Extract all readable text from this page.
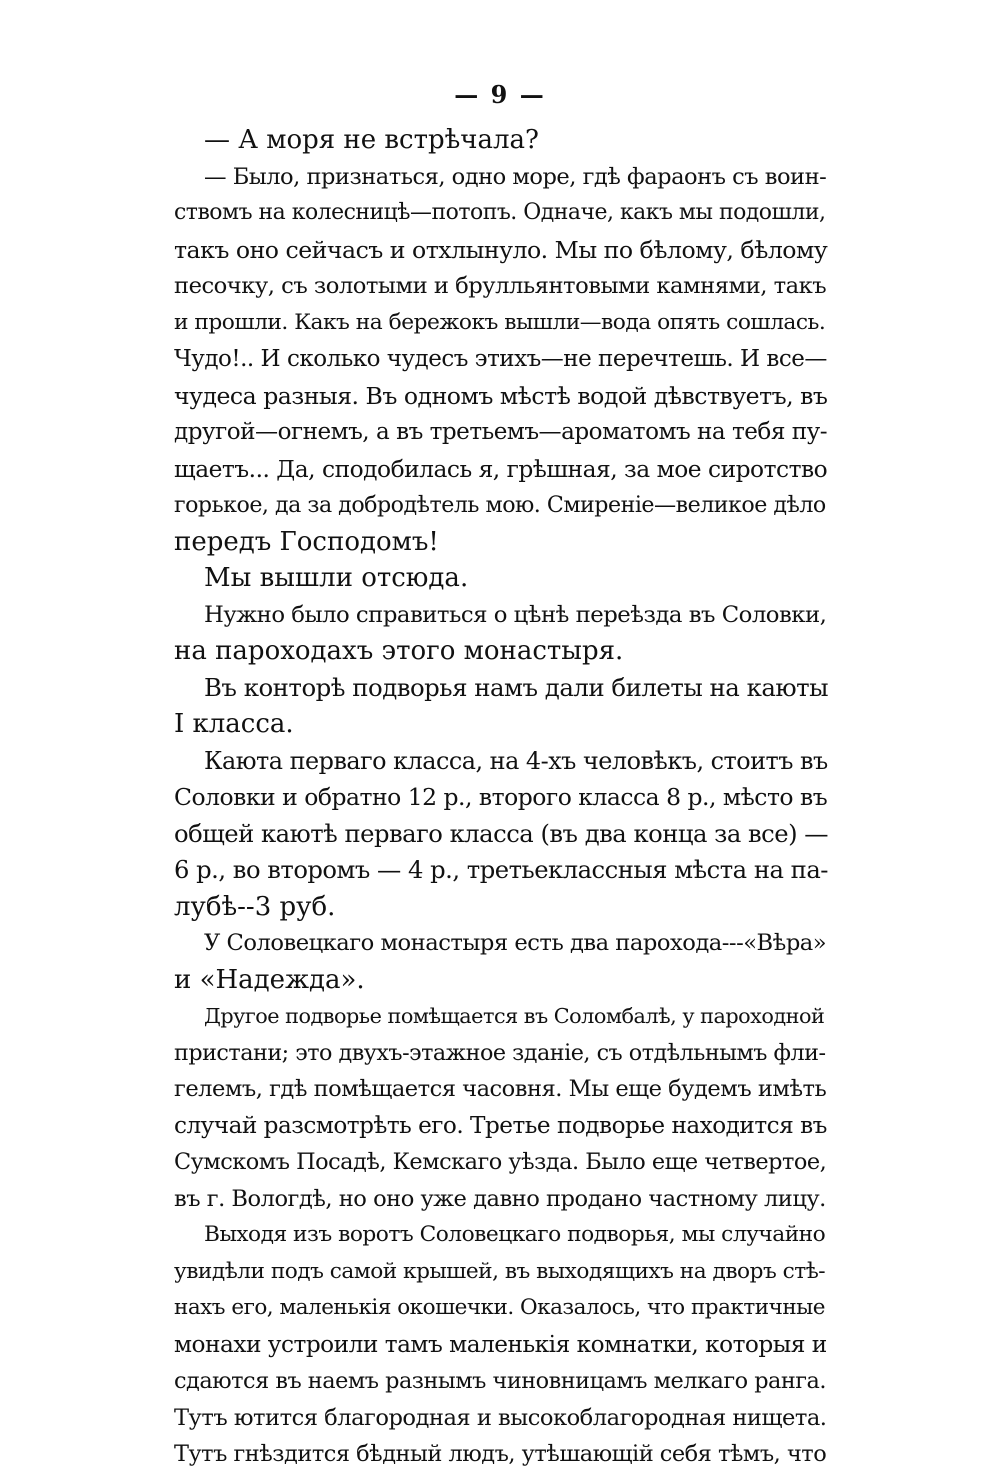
— 9 —
— А моря не встрѣчала?
— Было, признаться, одно море, гдѣ фараонъ съ воин-
ствомъ на колесницѣ—потопъ. Одначе, какъ мы подошли,
такъ оно сейчасъ и отхлынуло. Мы по бѣлому, бѣлому
песочку, съ золотыми и брулльянтовыми камнями, такъ
и прошли. Какъ на бережокъ вышли—вода опять сошлась.
Чудо!.. И сколько чудесъ этихъ—не перечтешь. И все—
чудеса разныя. Въ одномъ мѣстѣ водой дѣвствуетъ, въ
другой—огнемъ, а въ третьемъ—ароматомъ на тебя пу-
щаетъ... Да, сподобилась я, грѣшная, за мое сиротство
горькое, да за добродѣтель мою. Смиреніе—великое дѣло
передъ Господомъ!
Мы вышли отсюда.
Нужно было справиться о цѣнѣ переѣзда въ Соловки,
на пароходахъ этого монастыря.
Въ конторѣ подворья намъ дали билеты на каюты
I класса.
Каюта перваго класса, на 4-хъ человѣкъ, стоитъ въ
Соловки и обратно 12 р., второго класса 8 р., мѣсто въ
общей каютѣ перваго класса (въ два конца за все) —
6 р., во второмъ — 4 р., третьеклассныя мѣста на па-
лубѣ--3 руб.
У Соловецкаго монастыря есть два парохода---«Вѣра»
и «Надежда».
Другое подворье помѣщается въ Соломбалѣ, у пароходной
пристани; это двухъ-этажное зданіе, съ отдѣльнымъ фли-
гелемъ, гдѣ помѣщается часовня. Мы еще будемъ имѣть
случай разсмотрѣть его. Третье подворье находится въ
Сумскомъ Посадѣ, Кемскаго уѣзда. Было еще четвертое,
въ г. Вологдѣ, но оно уже давно продано частному лицу.
Выходя изъ воротъ Соловецкаго подворья, мы случайно
увидѣли подъ самой крышей, въ выходящихъ на дворъ стѣ-
нахъ его, маленькія окошечки. Оказалось, что практичные
монахи устроили тамъ маленькія комнатки, которыя и
сдаются въ наемъ разнымъ чиновницамъ мелкаго ранга.
Тутъ ютится благородная и высокоблагородная нищета.
Тутъ гнѣздится бѣдный людъ, утѣшающій себя тѣмъ, что
